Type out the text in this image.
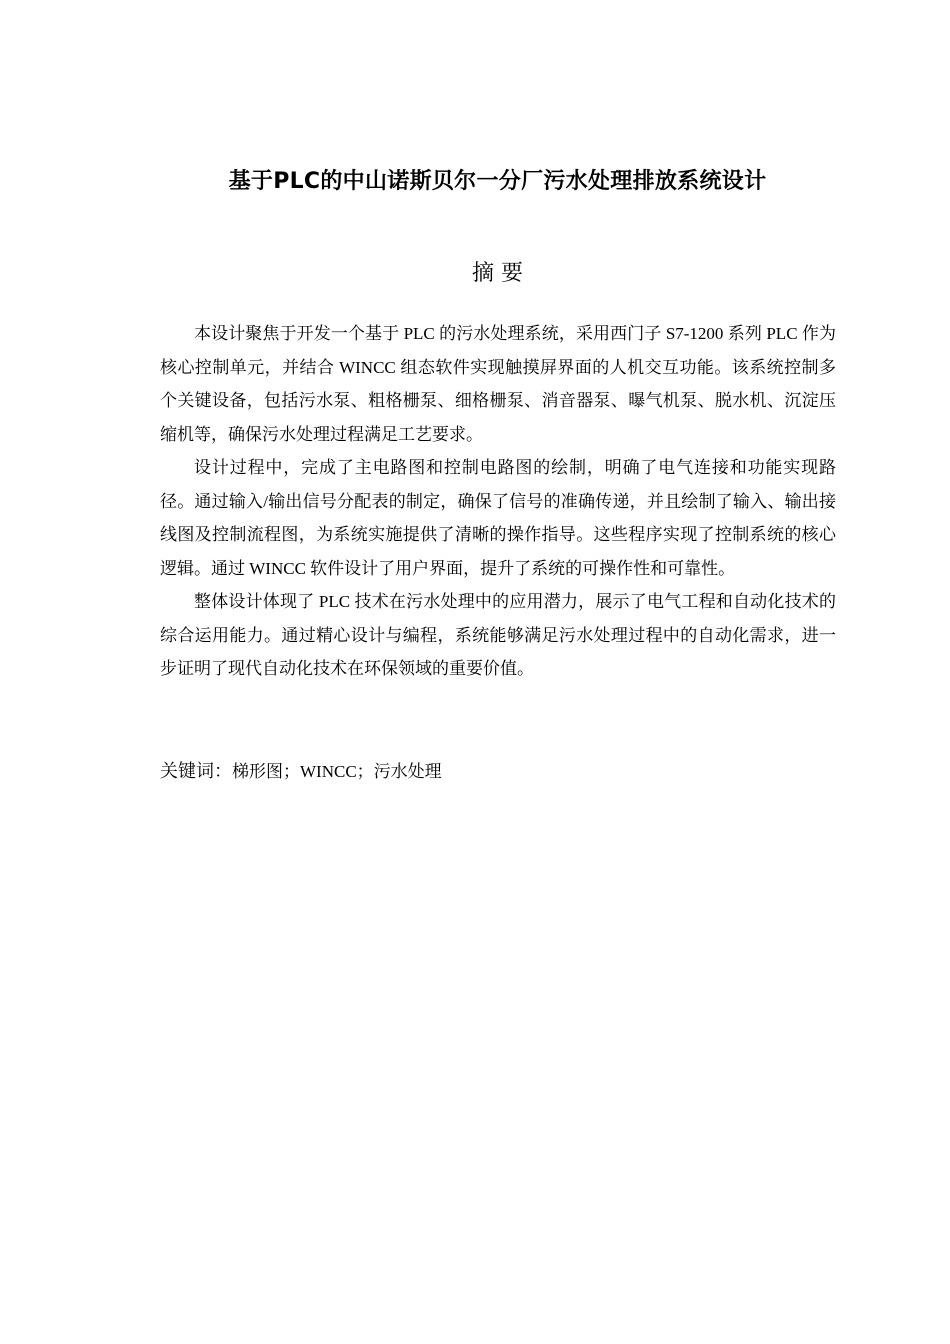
基于PLC的中山诺斯贝尔一分厂污水处理排放系统设计
摘 要

本设计聚焦于开发一个基于 PLC 的污水处理系统，采用西门子 S7-1200 系列 PLC 作为核心控制单元，并结合 WINCC 组态软件实现触摸屏界面的人机交互功能。该系统控制多个关键设备，包括污水泵、粗格栅泵、细格栅泵、消音器泵、曝气机泵、脱水机、沉淀压缩机等，确保污水处理过程满足工艺要求。

设计过程中，完成了主电路图和控制电路图的绘制，明确了电气连接和功能实现路径。通过输入/输出信号分配表的制定，确保了信号的准确传递，并且绘制了输入、输出接线图及控制流程图，为系统实施提供了清晰的操作指导。这些程序实现了控制系统的核心逻辑。通过 WINCC 软件设计了用户界面，提升了系统的可操作性和可靠性。

整体设计体现了 PLC 技术在污水处理中的应用潜力，展示了电气工程和自动化技术的综合运用能力。通过精心设计与编程，系统能够满足污水处理过程中的自动化需求，进一步证明了现代自动化技术在环保领域的重要价值。

关键词：梯形图；WINCC；污水处理
